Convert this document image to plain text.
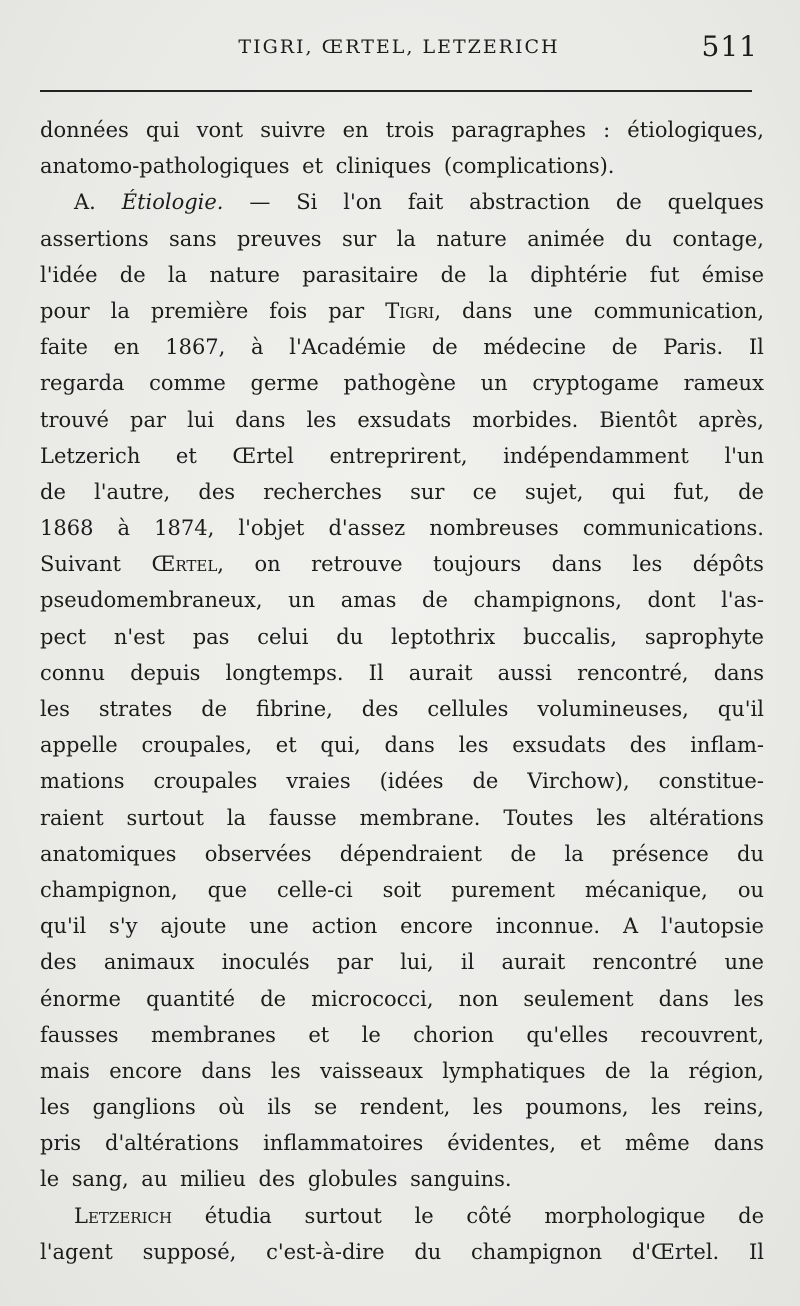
TIGRI, ŒRTEL, LETZERICH	511
données qui vont suivre en trois paragraphes : étiologiques,
anatomo-pathologiques et cliniques (complications).
A. Étiologie. — Si l'on fait abstraction de quelques
assertions sans preuves sur la nature animée du contage,
l'idée de la nature parasitaire de la diphtérie fut émise
pour la première fois par Tigri, dans une communication,
faite en 1867, à l'Académie de médecine de Paris. Il
regarda comme germe pathogène un cryptogame rameux
trouvé par lui dans les exsudats morbides. Bientôt après,
Letzerich et Œrtel entreprirent, indépendamment l'un
de l'autre, des recherches sur ce sujet, qui fut, de
1868 à 1874, l'objet d'assez nombreuses communications.
Suivant Œrtel, on retrouve toujours dans les dépôts
pseudomembraneux, un amas de champignons, dont l'as-
pect n'est pas celui du leptothrix buccalis, saprophyte
connu depuis longtemps. Il aurait aussi rencontré, dans
les strates de fibrine, des cellules volumineuses, qu'il
appelle croupales, et qui, dans les exsudats des inflam-
mations croupales vraies (idées de Virchow), constitue-
raient surtout la fausse membrane. Toutes les altérations
anatomiques observées dépendraient de la présence du
champignon, que celle-ci soit purement mécanique, ou
qu'il s'y ajoute une action encore inconnue. A l'autopsie
des animaux inoculés par lui, il aurait rencontré une
énorme quantité de micrococci, non seulement dans les
fausses membranes et le chorion qu'elles recouvrent,
mais encore dans les vaisseaux lymphatiques de la région,
les ganglions où ils se rendent, les poumons, les reins,
pris d'altérations inflammatoires évidentes, et même dans
le sang, au milieu des globules sanguins.
Letzerich étudia surtout le côté morphologique de
l'agent supposé, c'est-à-dire du champignon d'Œrtel. Il
